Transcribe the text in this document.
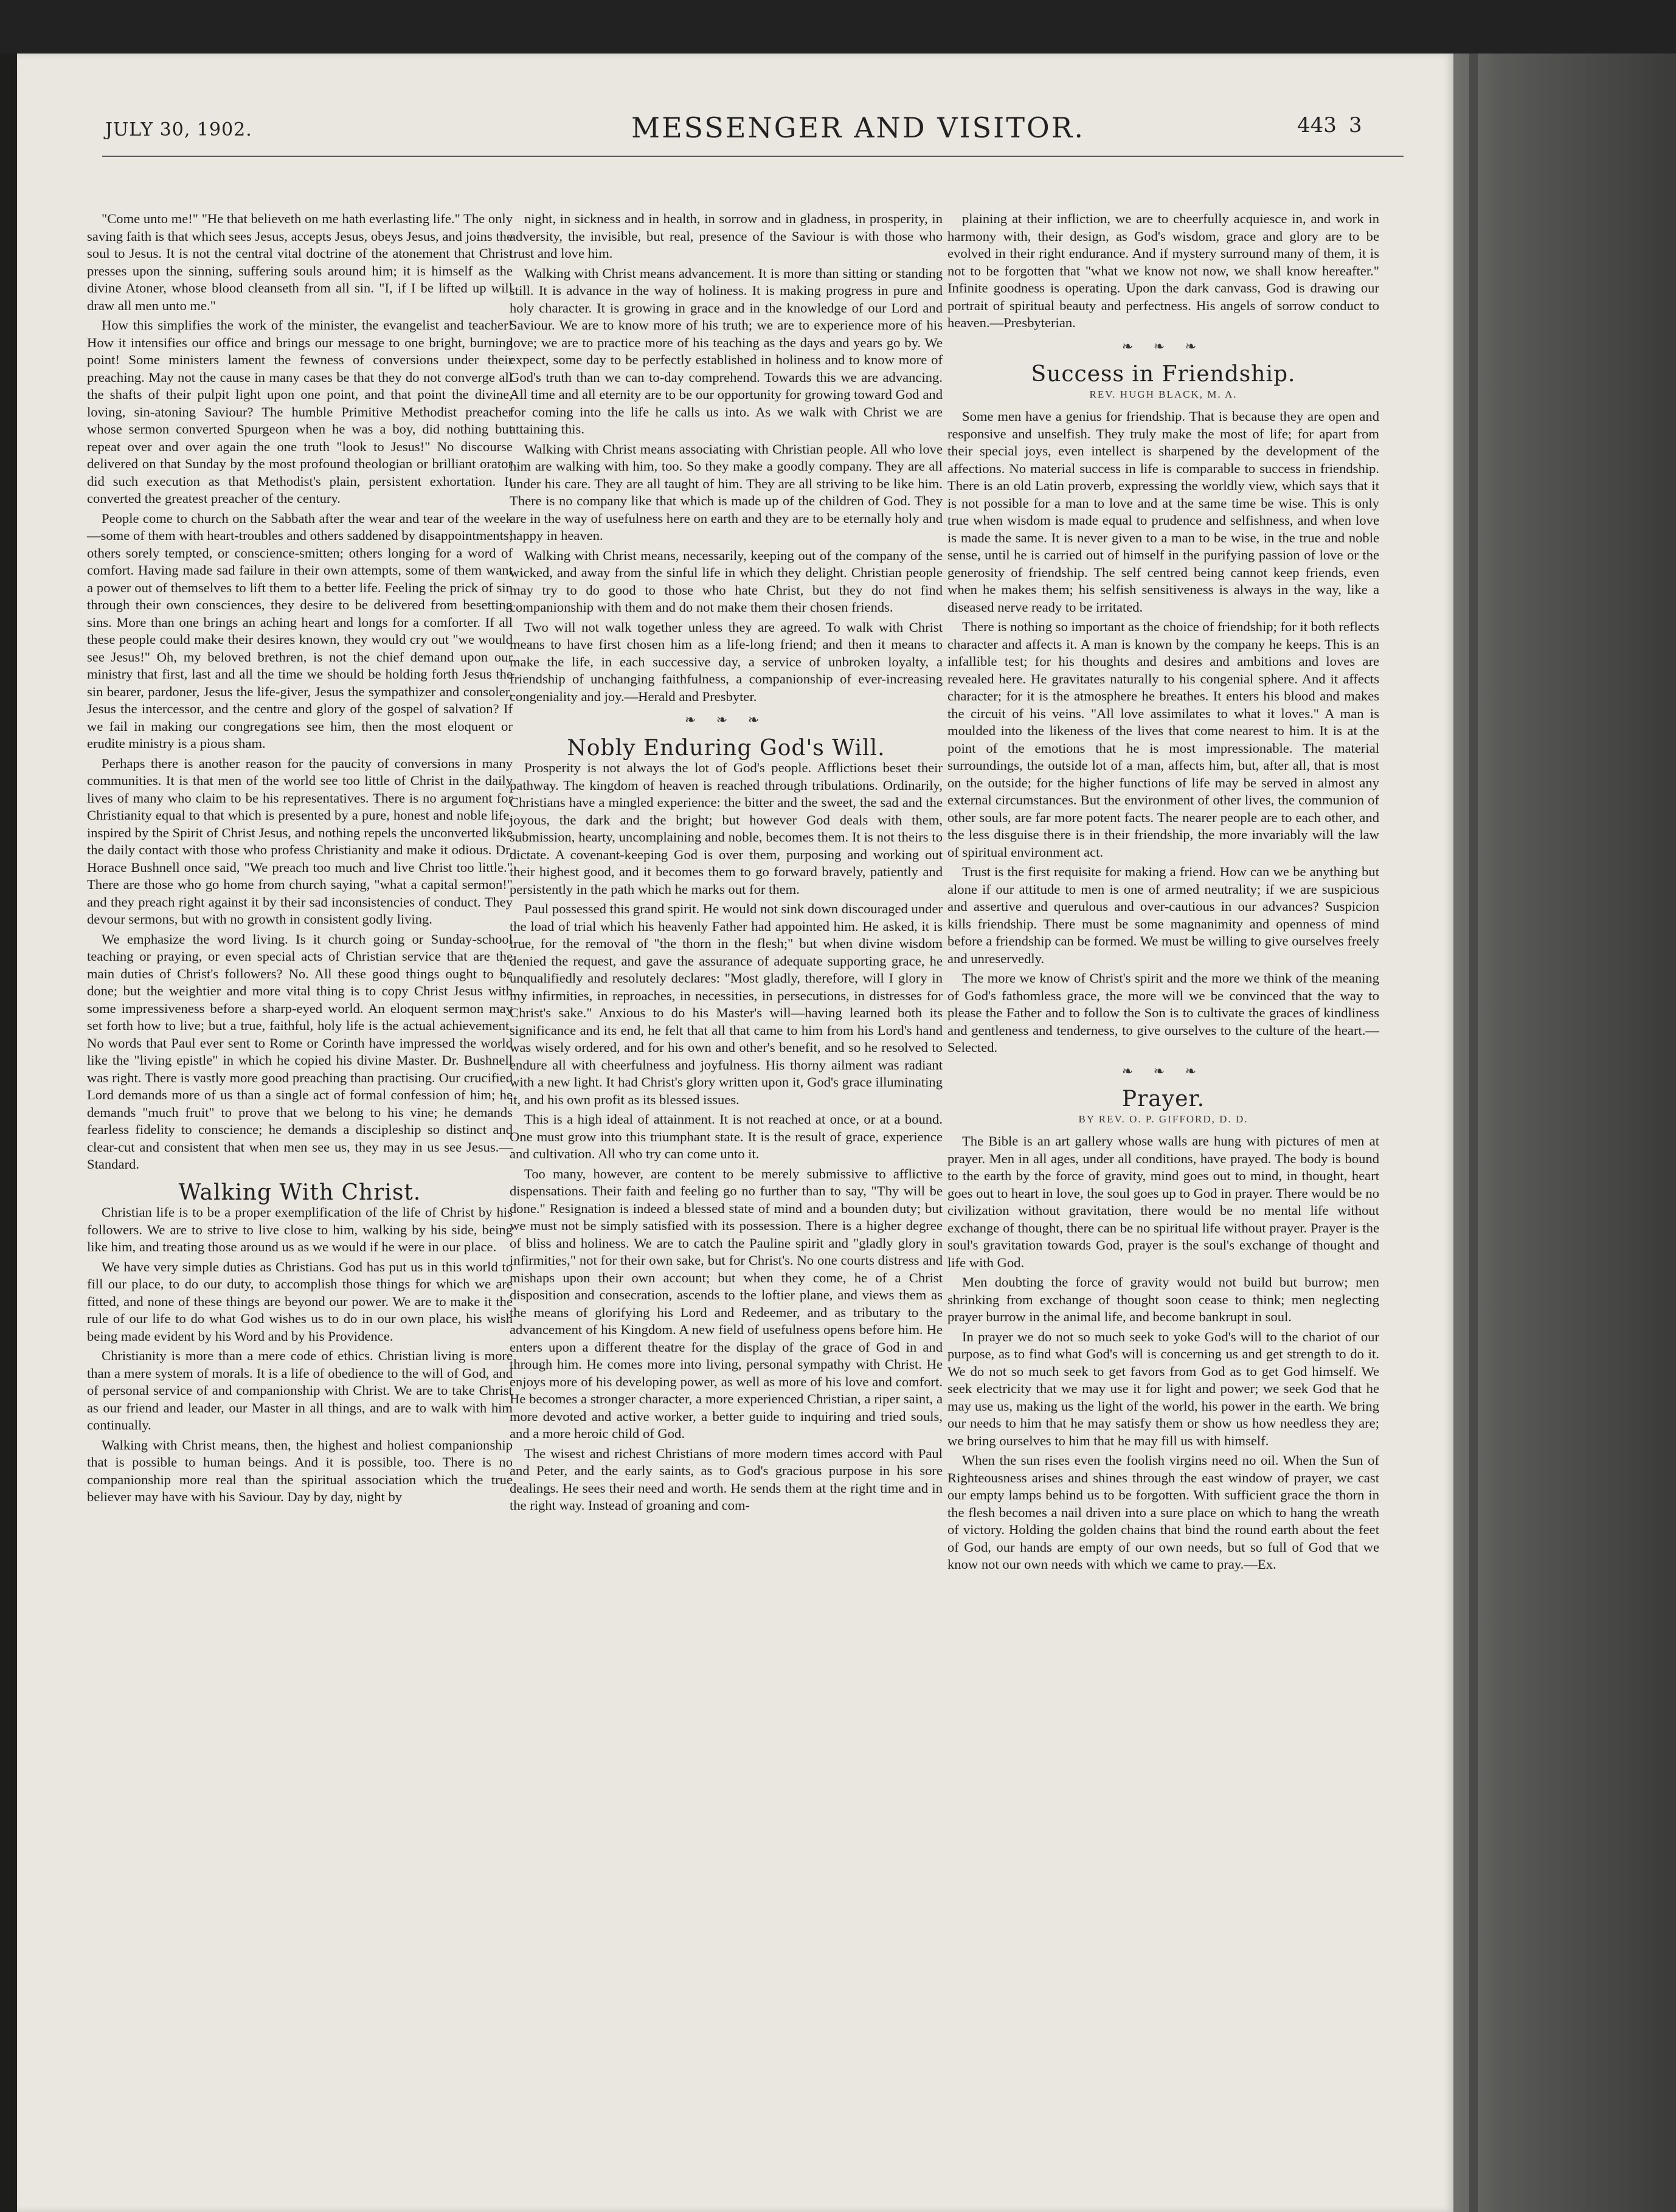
JULY 30, 1902.	MESSENGER AND VISITOR.	443 3

"Come unto me!" "He that believeth on me hath everlasting life." The only saving faith is that which sees Jesus, accepts Jesus, obeys Jesus, and joins the soul to Jesus. It is not the central vital doctrine of the atonement that Christ presses upon the sinning, suffering souls around him; it is himself as the divine Atoner, whose blood cleanseth from all sin. "I, if I be lifted up will draw all men unto me."

How this simplifies the work of the minister, the evangelist and teacher! How it intensifies our office and brings our message to one bright, burning point! Some ministers lament the fewness of conversions under their preaching. May not the cause in many cases be that they do not converge all the shafts of their pulpit light upon one point, and that point the divine, loving, sin-atoning Saviour? The humble Primitive Methodist preacher whose sermon converted Spurgeon when he was a boy, did nothing but repeat over and over again the one truth "look to Jesus!" No discourse delivered on that Sunday by the most profound theologian or brilliant orator did such execution as that Methodist's plain, persistent exhortation. It converted the greatest preacher of the century.

People come to church on the Sabbath after the wear and tear of the week—some of them with heart-troubles and others saddened by disappointments; others sorely tempted, or conscience-smitten; others longing for a word of comfort. Having made sad failure in their own attempts, some of them want a power out of themselves to lift them to a better life. Feeling the prick of sin through their own consciences, they desire to be delivered from besetting sins. More than one brings an aching heart and longs for a comforter. If all these people could make their desires known, they would cry out "we would see Jesus!" Oh, my beloved brethren, is not the chief demand upon our ministry that first, last and all the time we should be holding forth Jesus the sin bearer, pardoner, Jesus the life-giver, Jesus the sympathizer and consoler, Jesus the intercessor, and the centre and glory of the gospel of salvation? If we fail in making our congregations see him, then the most eloquent or erudite ministry is a pious sham.

Perhaps there is another reason for the paucity of conversions in many communities. It is that men of the world see too little of Christ in the daily lives of many who claim to be his representatives. There is no argument for Christianity equal to that which is presented by a pure, honest and noble life, inspired by the Spirit of Christ Jesus, and nothing repels the unconverted like the daily contact with those who profess Christianity and make it odious. Dr. Horace Bushnell once said, "We preach too much and live Christ too little." There are those who go home from church saying, "what a capital sermon!" and they preach right against it by their sad inconsistencies of conduct. They devour sermons, but with no growth in consistent godly living.

We emphasize the word living. Is it church going or Sunday-school teaching or praying, or even special acts of Christian service that are the main duties of Christ's followers? No. All these good things ought to be done; but the weightier and more vital thing is to copy Christ Jesus with some impressiveness before a sharp-eyed world. An eloquent sermon may set forth how to live; but a true, faithful, holy life is the actual achievement. No words that Paul ever sent to Rome or Corinth have impressed the world like the "living epistle" in which he copied his divine Master. Dr. Bushnell was right. There is vastly more good preaching than practising. Our crucified Lord demands more of us than a single act of formal confession of him; he demands "much fruit" to prove that we belong to his vine; he demands fearless fidelity to conscience; he demands a discipleship so distinct and clear-cut and consistent that when men see us, they may in us see Jesus.—Standard.

Walking With Christ.

Christian life is to be a proper exemplification of the life of Christ by his followers. We are to strive to live close to him, walking by his side, being like him, and treating those around us as we would if he were in our place.

We have very simple duties as Christians. God has put us in this world to fill our place, to do our duty, to accomplish those things for which we are fitted, and none of these things are beyond our power. We are to make it the rule of our life to do what God wishes us to do in our own place, his wish being made evident by his Word and by his Providence.

Christianity is more than a mere code of ethics. Christian living is more than a mere system of morals. It is a life of obedience to the will of God, and of personal service of and companionship with Christ. We are to take Christ as our friend and leader, our Master in all things, and are to walk with him continually.

Walking with Christ means, then, the highest and holiest companionship that is possible to human beings. And it is possible, too. There is no companionship more real than the spiritual association which the true believer may have with his Saviour. Day by day, night by

night, in sickness and in health, in sorrow and in gladness, in prosperity, in adversity, the invisible, but real, presence of the Saviour is with those who trust and love him.

Walking with Christ means advancement. It is more than sitting or standing still. It is advance in the way of holiness. It is making progress in pure and holy character. It is growing in grace and in the knowledge of our Lord and Saviour. We are to know more of his truth; we are to experience more of his love; we are to practice more of his teaching as the days and years go by. We expect, some day to be perfectly established in holiness and to know more of God's truth than we can to-day comprehend. Towards this we are advancing. All time and all eternity are to be our opportunity for growing toward God and for coming into the life he calls us into. As we walk with Christ we are attaining this.

Walking with Christ means associating with Christian people. All who love him are walking with him, too. So they make a goodly company. They are all under his care. They are all taught of him. They are all striving to be like him. There is no company like that which is made up of the children of God. They are in the way of usefulness here on earth and they are to be eternally holy and happy in heaven.

Walking with Christ means, necessarily, keeping out of the company of the wicked, and away from the sinful life in which they delight. Christian people may try to do good to those who hate Christ, but they do not find companionship with them and do not make them their chosen friends.

Two will not walk together unless they are agreed. To walk with Christ means to have first chosen him as a life-long friend; and then it means to make the life, in each successive day, a service of unbroken loyalty, a friendship of unchanging faithfulness, a companionship of ever-increasing congeniality and joy.—Herald and Presbyter.

❧ ❧ ❧
Nobly Enduring God's Will.

Prosperity is not always the lot of God's people. Afflictions beset their pathway. The kingdom of heaven is reached through tribulations. Ordinarily, Christians have a mingled experience: the bitter and the sweet, the sad and the joyous, the dark and the bright; but however God deals with them, submission, hearty, uncomplaining and noble, becomes them. It is not theirs to dictate. A covenant-keeping God is over them, purposing and working out their highest good, and it becomes them to go forward bravely, patiently and persistently in the path which he marks out for them.

Paul possessed this grand spirit. He would not sink down discouraged under the load of trial which his heavenly Father had appointed him. He asked, it is true, for the removal of "the thorn in the flesh;" but when divine wisdom denied the request, and gave the assurance of adequate supporting grace, he unqualifiedly and resolutely declares: "Most gladly, therefore, will I glory in my infirmities, in reproaches, in necessities, in persecutions, in distresses for Christ's sake." Anxious to do his Master's will—having learned both its significance and its end, he felt that all that came to him from his Lord's hand was wisely ordered, and for his own and other's benefit, and so he resolved to endure all with cheerfulness and joyfulness. His thorny ailment was radiant with a new light. It had Christ's glory written upon it, God's grace illuminating it, and his own profit as its blessed issues.

This is a high ideal of attainment. It is not reached at once, or at a bound. One must grow into this triumphant state. It is the result of grace, experience and cultivation. All who try can come unto it.

Too many, however, are content to be merely submissive to afflictive dispensations. Their faith and feeling go no further than to say, "Thy will be done." Resignation is indeed a blessed state of mind and a bounden duty; but we must not be simply satisfied with its possession. There is a higher degree of bliss and holiness. We are to catch the Pauline spirit and "gladly glory in infirmities," not for their own sake, but for Christ's. No one courts distress and mishaps upon their own account; but when they come, he of a Christ disposition and consecration, ascends to the loftier plane, and views them as the means of glorifying his Lord and Redeemer, and as tributary to the advancement of his Kingdom. A new field of usefulness opens before him. He enters upon a different theatre for the display of the grace of God in and through him. He comes more into living, personal sympathy with Christ. He enjoys more of his developing power, as well as more of his love and comfort. He becomes a stronger character, a more experienced Christian, a riper saint, a more devoted and active worker, a better guide to inquiring and tried souls, and a more heroic child of God.

The wisest and richest Christians of more modern times accord with Paul and Peter, and the early saints, as to God's gracious purpose in his sore dealings. He sees their need and worth. He sends them at the right time and in the right way. Instead of groaning and com-

plaining at their infliction, we are to cheerfully acquiesce in, and work in harmony with, their design, as God's wisdom, grace and glory are to be evolved in their right endurance. And if mystery surround many of them, it is not to be forgotten that "what we know not now, we shall know hereafter." Infinite goodness is operating. Upon the dark canvass, God is drawing our portrait of spiritual beauty and perfectness. His angels of sorrow conduct to heaven.—Presbyterian.

❧ ❧ ❧
Success in Friendship.
REV. HUGH BLACK, M. A.

Some men have a genius for friendship. That is because they are open and responsive and unselfish. They truly make the most of life; for apart from their special joys, even intellect is sharpened by the development of the affections. No material success in life is comparable to success in friendship. There is an old Latin proverb, expressing the worldly view, which says that it is not possible for a man to love and at the same time be wise. This is only true when wisdom is made equal to prudence and selfishness, and when love is made the same. It is never given to a man to be wise, in the true and noble sense, until he is carried out of himself in the purifying passion of love or the generosity of friendship. The self centred being cannot keep friends, even when he makes them; his selfish sensitiveness is always in the way, like a diseased nerve ready to be irritated.

There is nothing so important as the choice of friendship; for it both reflects character and affects it. A man is known by the company he keeps. This is an infallible test; for his thoughts and desires and ambitions and loves are revealed here. He gravitates naturally to his congenial sphere. And it affects character; for it is the atmosphere he breathes. It enters his blood and makes the circuit of his veins. "All love assimilates to what it loves." A man is moulded into the likeness of the lives that come nearest to him. It is at the point of the emotions that he is most impressionable. The material surroundings, the outside lot of a man, affects him, but, after all, that is most on the outside; for the higher functions of life may be served in almost any external circumstances. But the environment of other lives, the communion of other souls, are far more potent facts. The nearer people are to each other, and the less disguise there is in their friendship, the more invariably will the law of spiritual environment act.

Trust is the first requisite for making a friend. How can we be anything but alone if our attitude to men is one of armed neutrality; if we are suspicious and assertive and querulous and over-cautious in our advances? Suspicion kills friendship. There must be some magnanimity and openness of mind before a friendship can be formed. We must be willing to give ourselves freely and unreservedly.

The more we know of Christ's spirit and the more we think of the meaning of God's fathomless grace, the more will we be convinced that the way to please the Father and to follow the Son is to cultivate the graces of kindliness and gentleness and tenderness, to give ourselves to the culture of the heart.—Selected.

❧ ❧ ❧
Prayer.
BY REV. O. P. GIFFORD, D. D.

The Bible is an art gallery whose walls are hung with pictures of men at prayer. Men in all ages, under all conditions, have prayed. The body is bound to the earth by the force of gravity, mind goes out to mind, in thought, heart goes out to heart in love, the soul goes up to God in prayer. There would be no civilization without gravitation, there would be no mental life without exchange of thought, there can be no spiritual life without prayer. Prayer is the soul's gravitation towards God, prayer is the soul's exchange of thought and life with God.

Men doubting the force of gravity would not build but burrow; men shrinking from exchange of thought soon cease to think; men neglecting prayer burrow in the animal life, and become bankrupt in soul.

In prayer we do not so much seek to yoke God's will to the chariot of our purpose, as to find what God's will is concerning us and get strength to do it. We do not so much seek to get favors from God as to get God himself. We seek electricity that we may use it for light and power; we seek God that he may use us, making us the light of the world, his power in the earth. We bring our needs to him that he may satisfy them or show us how needless they are; we bring ourselves to him that he may fill us with himself.

When the sun rises even the foolish virgins need no oil. When the Sun of Righteousness arises and shines through the east window of prayer, we cast our empty lamps behind us to be forgotten. With sufficient grace the thorn in the flesh becomes a nail driven into a sure place on which to hang the wreath of victory. Holding the golden chains that bind the round earth about the feet of God, our hands are empty of our own needs, but so full of God that we know not our own needs with which we came to pray.—Ex.
